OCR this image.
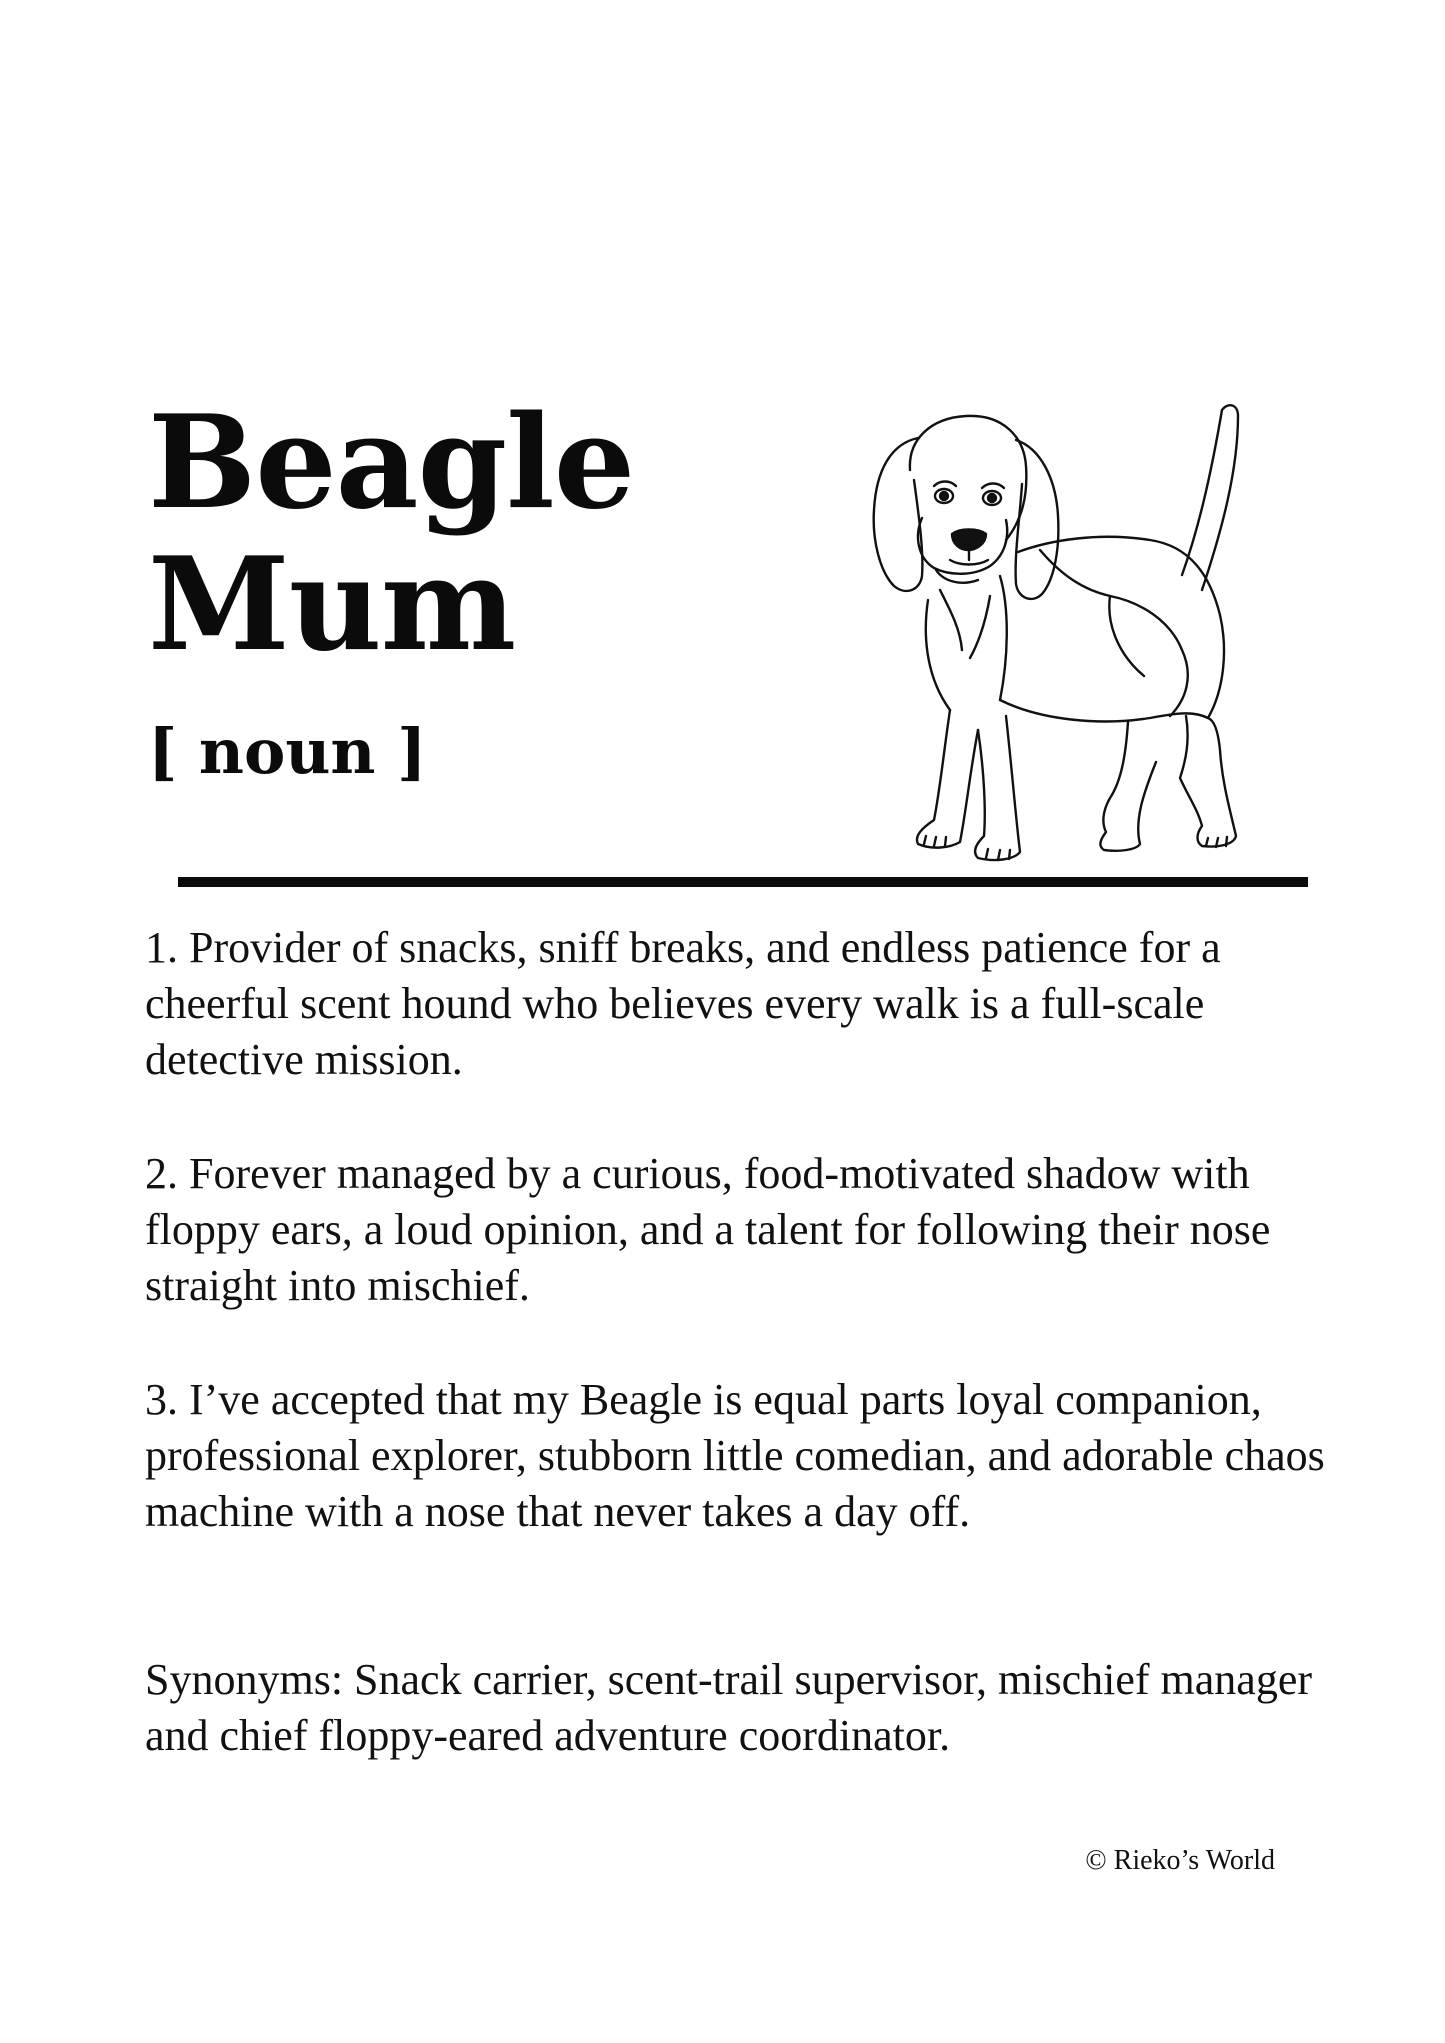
Beagle
Mum

[ noun ]

1. Provider of snacks, sniff breaks, and endless patience for a cheerful scent hound who believes every walk is a full-scale detective mission.
2. Forever managed by a curious, food-motivated shadow with floppy ears, a loud opinion, and a talent for following their nose straight into mischief.
3. I’ve accepted that my Beagle is equal parts loyal companion, professional explorer, stubborn little comedian, and adorable chaos machine with a nose that never takes a day off.

Synonyms: Snack carrier, scent-trail supervisor, mischief manager and chief floppy-eared adventure coordinator.

© Rieko’s World
